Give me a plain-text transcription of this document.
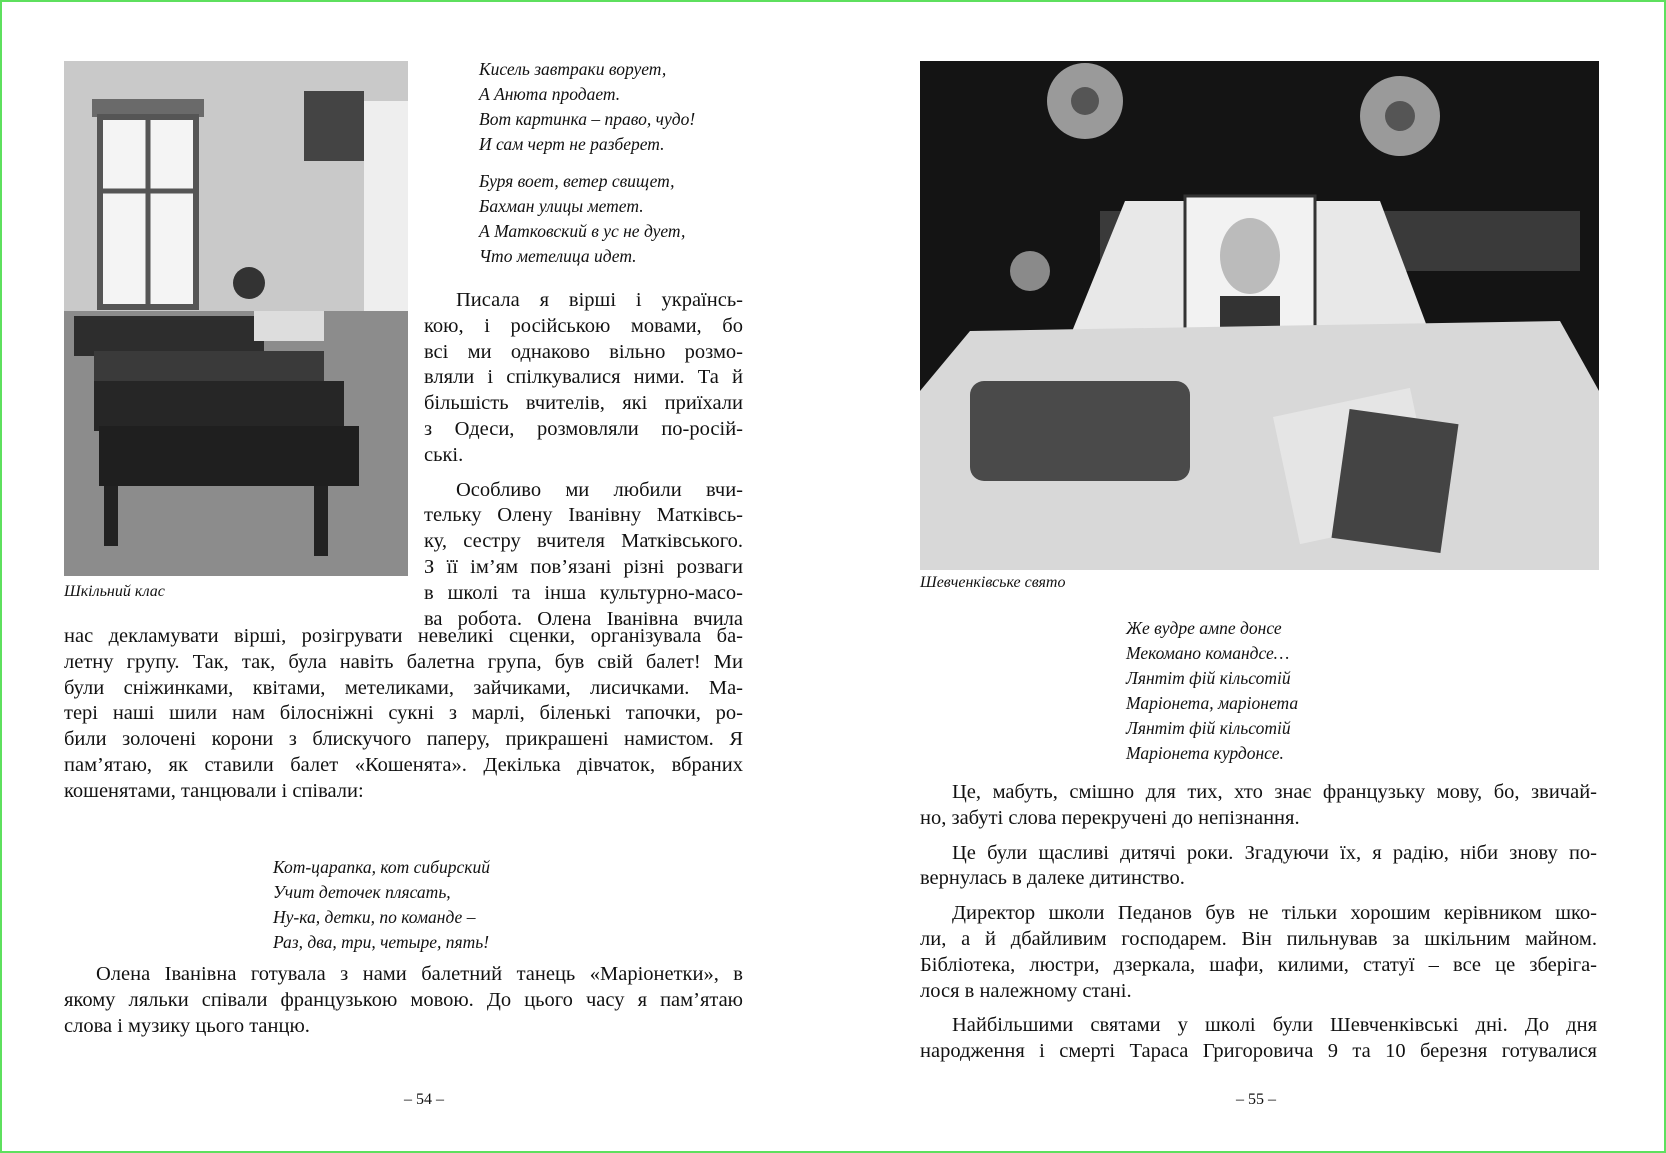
Шкільний клас
Кисель завтраки ворует,
А Анюта продает.
Вот картинка – право, чудо!
И сам черт не разберет.
Буря воет, ветер свищет,
Бахман улицы метет.
А Матковский в ус не дует,
Что метелица идет.
Писала я вірші і українсь-
кою, і російською мовами, бо
всі ми однаково вільно розмо-
вляли і спілкувалися ними. Та й
більшість вчителів, які приїхали
з Одеси, розмовляли по-росій-
ські.
Особливо ми любили вчи-
тельку Олену Іванівну Матківсь-
ку, сестру вчителя Матківського.
З її ім’ям пов’язані різні розваги
в школі та інша культурно-масо-
ва робота. Олена Іванівна вчила
нас декламувати вірші, розігрувати невеликі сценки, організувала ба-
летну групу. Так, так, була навіть балетна група, був свій балет! Ми
були сніжинками, квітами, метеликами, зайчиками, лисичками. Ма-
тері наші шили нам білосніжні сукні з марлі, біленькі тапочки, ро-
били золочені корони з блискучого паперу, прикрашені намистом. Я
пам’ятаю, як ставили балет «Кошенята». Декілька дівчаток, вбраних
кошенятами, танцювали і співали:
Кот-царапка, кот сибирский
Учит деточек плясать,
Ну-ка, детки, по команде –
Раз, два, три, четыре, пять!
Олена Іванівна готувала з нами балетний танець «Маріонетки», в
якому ляльки співали французькою мовою. До цього часу я пам’ятаю
слова і музику цього танцю.
– 54 –
Шевченківське свято
Же вудре ампе донсе
Мекомано командсе…
Лянтіт фій кільсотій
Маріонета, маріонета
Лянтіт фій кільсотій
Маріонета курдонсе.
Це, мабуть, смішно для тих, хто знає французьку мову, бо, звичай-
но, забуті слова перекручені до непізнання.
Це були щасливі дитячі роки. Згадуючи їх, я радію, ніби знову по-
вернулась в далеке дитинство.
Директор школи Педанов був не тільки хорошим керівником шко-
ли, а й дбайливим господарем. Він пильнував за шкільним майном.
Бібліотека, люстри, дзеркала, шафи, килими, статуї – все це зберіга-
лося в належному стані.
Найбільшими святами у школі були Шевченківські дні. До дня
народження і смерті Тараса Григоровича 9 та 10 березня готувалися
– 55 –
